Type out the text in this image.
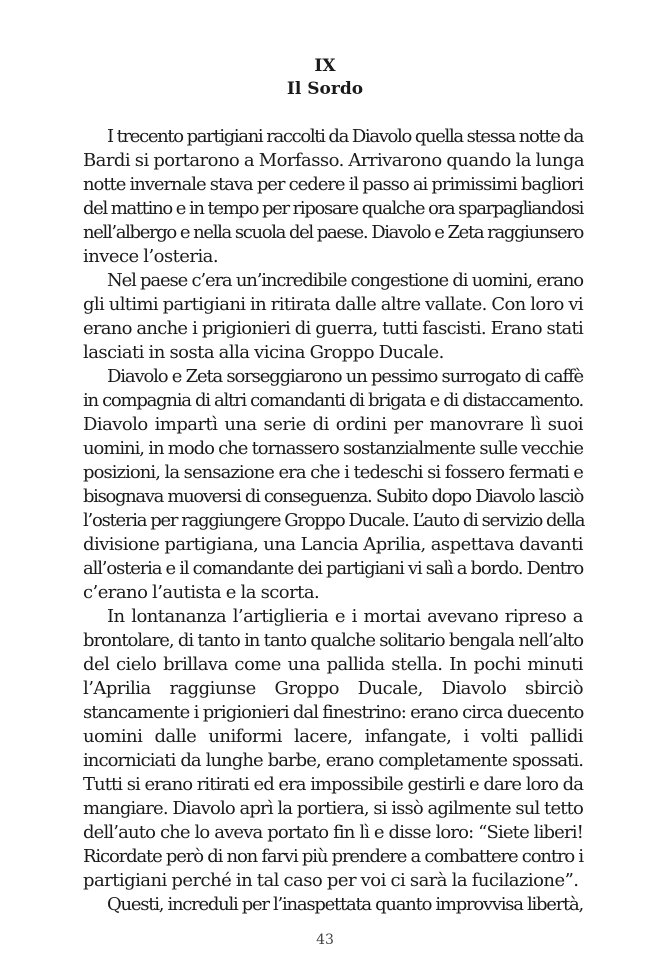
IX
Il Sordo
I trecento partigiani raccolti da Diavolo quella stessa notte da
Bardi si portarono a Morfasso. Arrivarono quando la lunga
notte invernale stava per cedere il passo ai primissimi bagliori
del mattino e in tempo per riposare qualche ora sparpagliandosi
nell’albergo e nella scuola del paese. Diavolo e Zeta raggiunsero
invece l’osteria.
Nel paese c’era un’incredibile congestione di uomini, erano
gli ultimi partigiani in ritirata dalle altre vallate. Con loro vi
erano anche i prigionieri di guerra, tutti fascisti. Erano stati
lasciati in sosta alla vicina Groppo Ducale.
Diavolo e Zeta sorseggiarono un pessimo surrogato di caffè
in compagnia di altri comandanti di brigata e di distaccamento.
Diavolo impartì una serie di ordini per manovrare lì suoi
uomini, in modo che tornassero sostanzialmente sulle vecchie
posizioni, la sensazione era che i tedeschi si fossero fermati e
bisognava muoversi di conseguenza. Subito dopo Diavolo lasciò
l’osteria per raggiungere Groppo Ducale. L’auto di servizio della
divisione partigiana, una Lancia Aprilia, aspettava davanti
all’osteria e il comandante dei partigiani vi salì a bordo. Dentro
c’erano l’autista e la scorta.
In lontananza l’artiglieria e i mortai avevano ripreso a
brontolare, di tanto in tanto qualche solitario bengala nell’alto
del cielo brillava come una pallida stella. In pochi minuti
l’Aprilia raggiunse Groppo Ducale, Diavolo sbirciò
stancamente i prigionieri dal finestrino: erano circa duecento
uomini dalle uniformi lacere, infangate, i volti pallidi
incorniciati da lunghe barbe, erano completamente spossati.
Tutti si erano ritirati ed era impossibile gestirli e dare loro da
mangiare. Diavolo aprì la portiera, si issò agilmente sul tetto
dell’auto che lo aveva portato fin lì e disse loro: “Siete liberi!
Ricordate però di non farvi più prendere a combattere contro i
partigiani perché in tal caso per voi ci sarà la fucilazione”.
Questi, increduli per l’inaspettata quanto improvvisa libertà,
43
